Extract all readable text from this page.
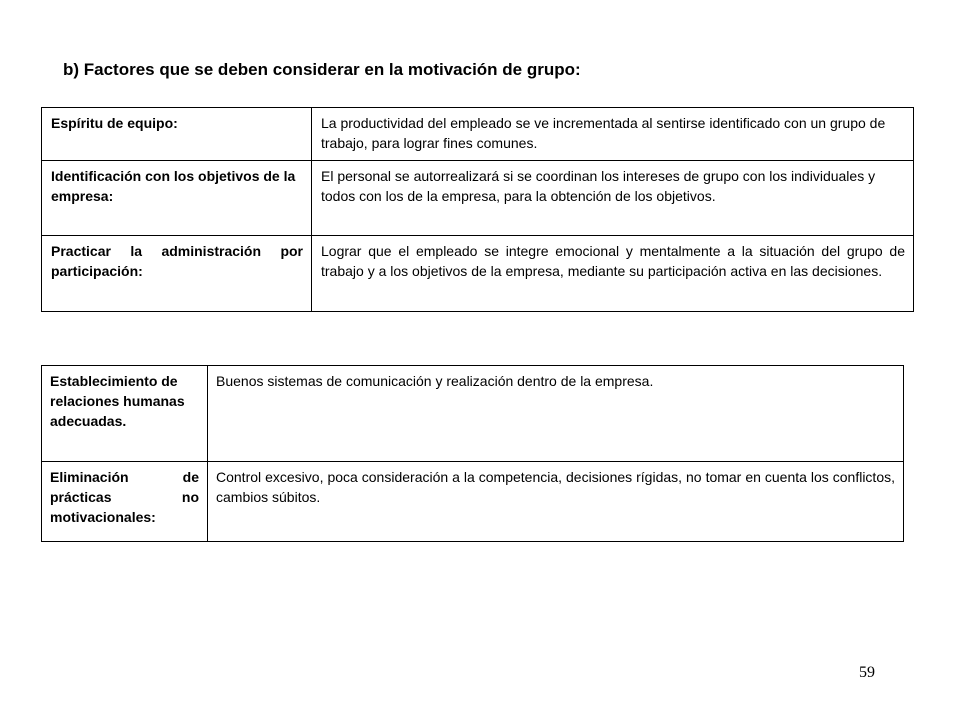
b) Factores que se deben considerar en la motivación de grupo:
Espíritu de equipo:	La productividad del empleado se ve incrementada al sentirse identificado con un grupo de trabajo, para lograr fines comunes.
Identificación con los objetivos de la empresa:	El personal se autorrealizará si se coordinan los intereses de grupo con los individuales y todos con los de la empresa, para la obtención de los objetivos.
Practicar la administración por participación:	Lograr que el empleado se integre emocional y mentalmente a la situación del grupo de trabajo y a los objetivos de la empresa, mediante su participación activa en las decisiones.
Establecimiento de relaciones humanas adecuadas.	Buenos sistemas de comunicación y realización dentro de la empresa.
Eliminación de prácticas no motivacionales:	Control excesivo, poca consideración a la competencia, decisiones rígidas, no tomar en cuenta los conflictos, cambios súbitos.
59
